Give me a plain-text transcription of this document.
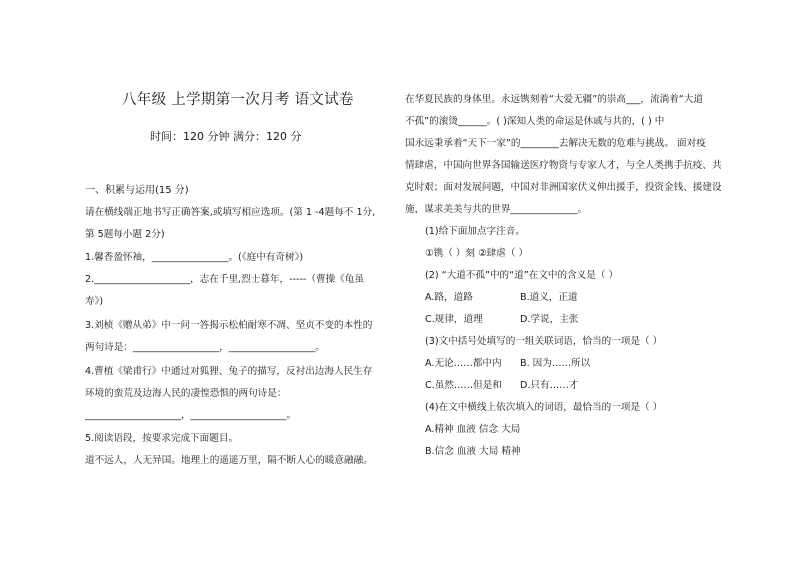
八年级 上学期第一次月考 语文试卷
时间：120 分钟 满分：120 分
一、积累与运用(15 分)
请在横线端正地书写正确答案,或填写相应选项。(第 1 -4题每不 1分,
第 5题每小题 2分)
1.馨香盈怀袖，________________。(《庭中有奇树》)
2.____________________，志在千里,烈士暮年，-----（曹操《龟虽
寿》)
3.刘桢《赠从弟》中一问一答揭示松柏耐寒不凋、坚贞不变的本性的
两句诗是：__________________，__________________。
4.曹植《梁甫行》中通过对狐狸、兔子的描写，反衬出边海人民生存
环境的蛮荒及边海人民的凄惶恐惧的两句诗是：
____________________，____________________。
5.阅读语段，按要求完成下面题目。
道不远人，人无异国。地理上的遥遥万里，隔不断人心的暖意融融。
在华夏民族的身体里。永远镌刻着“大爱无疆”的崇高___，流淌着“大道
不孤”的滚烫______。( )深知人类的命运是休戚与共的，( ) 中
国永远秉承着“天下一家”的________去解决无数的危难与挑战。 面对疫
情肆虐，中国向世界各国输送医疗物资与专家人才，与全人类携手抗疫、共
克时艰；面对发展问题，中国对非洲国家伏义伸出援手，投资金钱、援建设
施，谋求美美与共的世界______________。
(1)给下面加点字注音。
①镌（ ）刻 ②肆虐（ ）
(2) “大道不孤”中的“道”在文中的含义是（ ）
A.路，道路	B.道义，正道
C.规律，道理	D.学说，主张
(3)文中括号处填写的一组关联词语，恰当的一项是（ ）
A.无论……都中内 B. 因为……所以
C.虽然……但是和 D.只有……才
(4)在文中横线上依次填入的词语，最恰当的一项是（ ）
A.精神 血液 信念 大局
B.信念 血液 大局 精神
